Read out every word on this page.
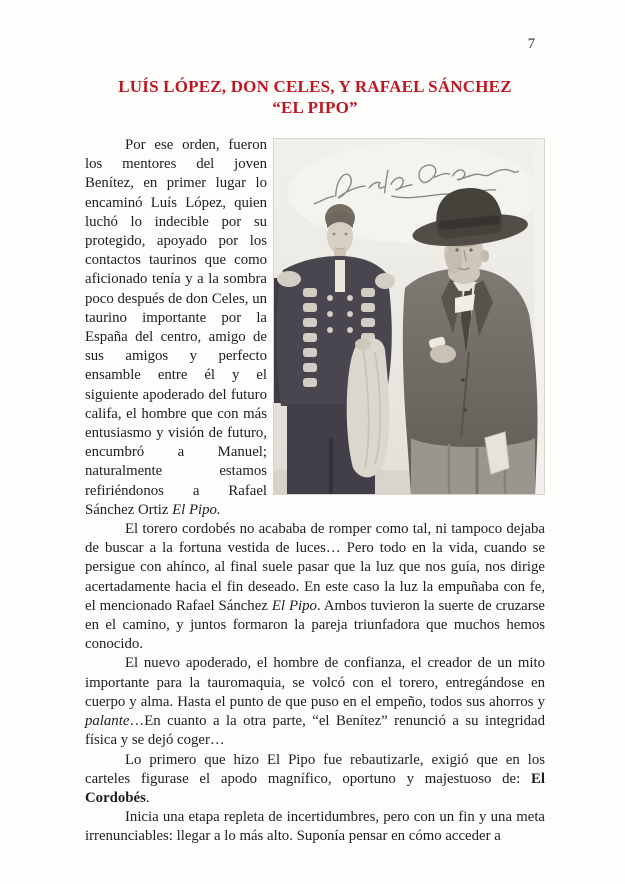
7
LUÍS LÓPEZ, DON CELES, Y RAFAEL SÁNCHEZ
“EL PIPO”

Por ese orden, fueron los mentores del joven Benítez, en primer lugar lo encaminó Luís López, quien luchó lo indecible por su protegido, apoyado por los contactos taurinos que como aficionado tenía y a la sombra poco después de don Celes, un taurino importante por la España del centro, amigo de sus amigos y perfecto ensamble entre él y el siguiente apoderado del futuro califa, el hombre que con más entusiasmo y visión de futuro, encumbró a Manuel; naturalmente estamos refiriéndonos a Rafael Sánchez Ortiz El Pipo.

El torero cordobés no acababa de romper como tal, ni tampoco dejaba de buscar a la fortuna vestida de luces… Pero todo en la vida, cuando se persigue con ahínco, al final suele pasar que la luz que nos guía, nos dirige acertadamente hacia el fin deseado. En este caso la luz la empuñaba con fe, el mencionado Rafael Sánchez El Pipo. Ambos tuvieron la suerte de cruzarse en el camino, y juntos formaron la pareja triunfadora que muchos hemos conocido.

El nuevo apoderado, el hombre de confianza, el creador de un mito importante para la tauromaquia, se volcó con el torero, entregándose en cuerpo y alma. Hasta el punto de que puso en el empeño, todos sus ahorros y palante…En cuanto a la otra parte, “el Benítez” renunció a su integridad física y se dejó coger…

Lo primero que hizo El Pipo fue rebautizarle, exigió que en los carteles figurase el apodo magnífico, oportuno y majestuoso de: El Cordobés.

Inicia una etapa repleta de incertidumbres, pero con un fin y una meta irrenunciables: llegar a lo más alto. Suponía pensar en cómo acceder a
